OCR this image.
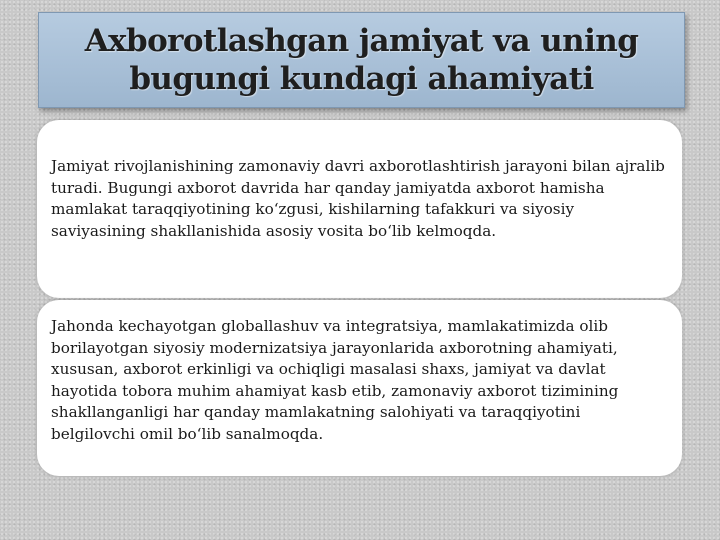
Axborotlashgan jamiyat va uning bugungi kundagi ahamiyati

Jamiyat rivojlanishining zamonaviy davri axborotlashtirish jarayoni bilan ajralib turadi. Bugungi axborot davrida har qanday jamiyatda axborot hamisha mamlakat taraqqiyotining ko‘zgusi, kishilarning tafakkuri va siyosiy saviyasining shakllanishida asosiy vosita bo‘lib kelmoqda.

Jahonda kechayotgan globallashuv va integratsiya, mamlakatimizda olib borilayotgan siyosiy modernizatsiya jarayonlarida axborotning ahamiyati, xususan, axborot erkinligi va ochiqligi masalasi shaxs, jamiyat va davlat hayotida tobora muhim ahamiyat kasb etib, zamonaviy axborot tizimining shakllanganligi har qanday mamlakatning salohiyati va taraqqiyotini belgilovchi omil bo‘lib sanalmoqda.
